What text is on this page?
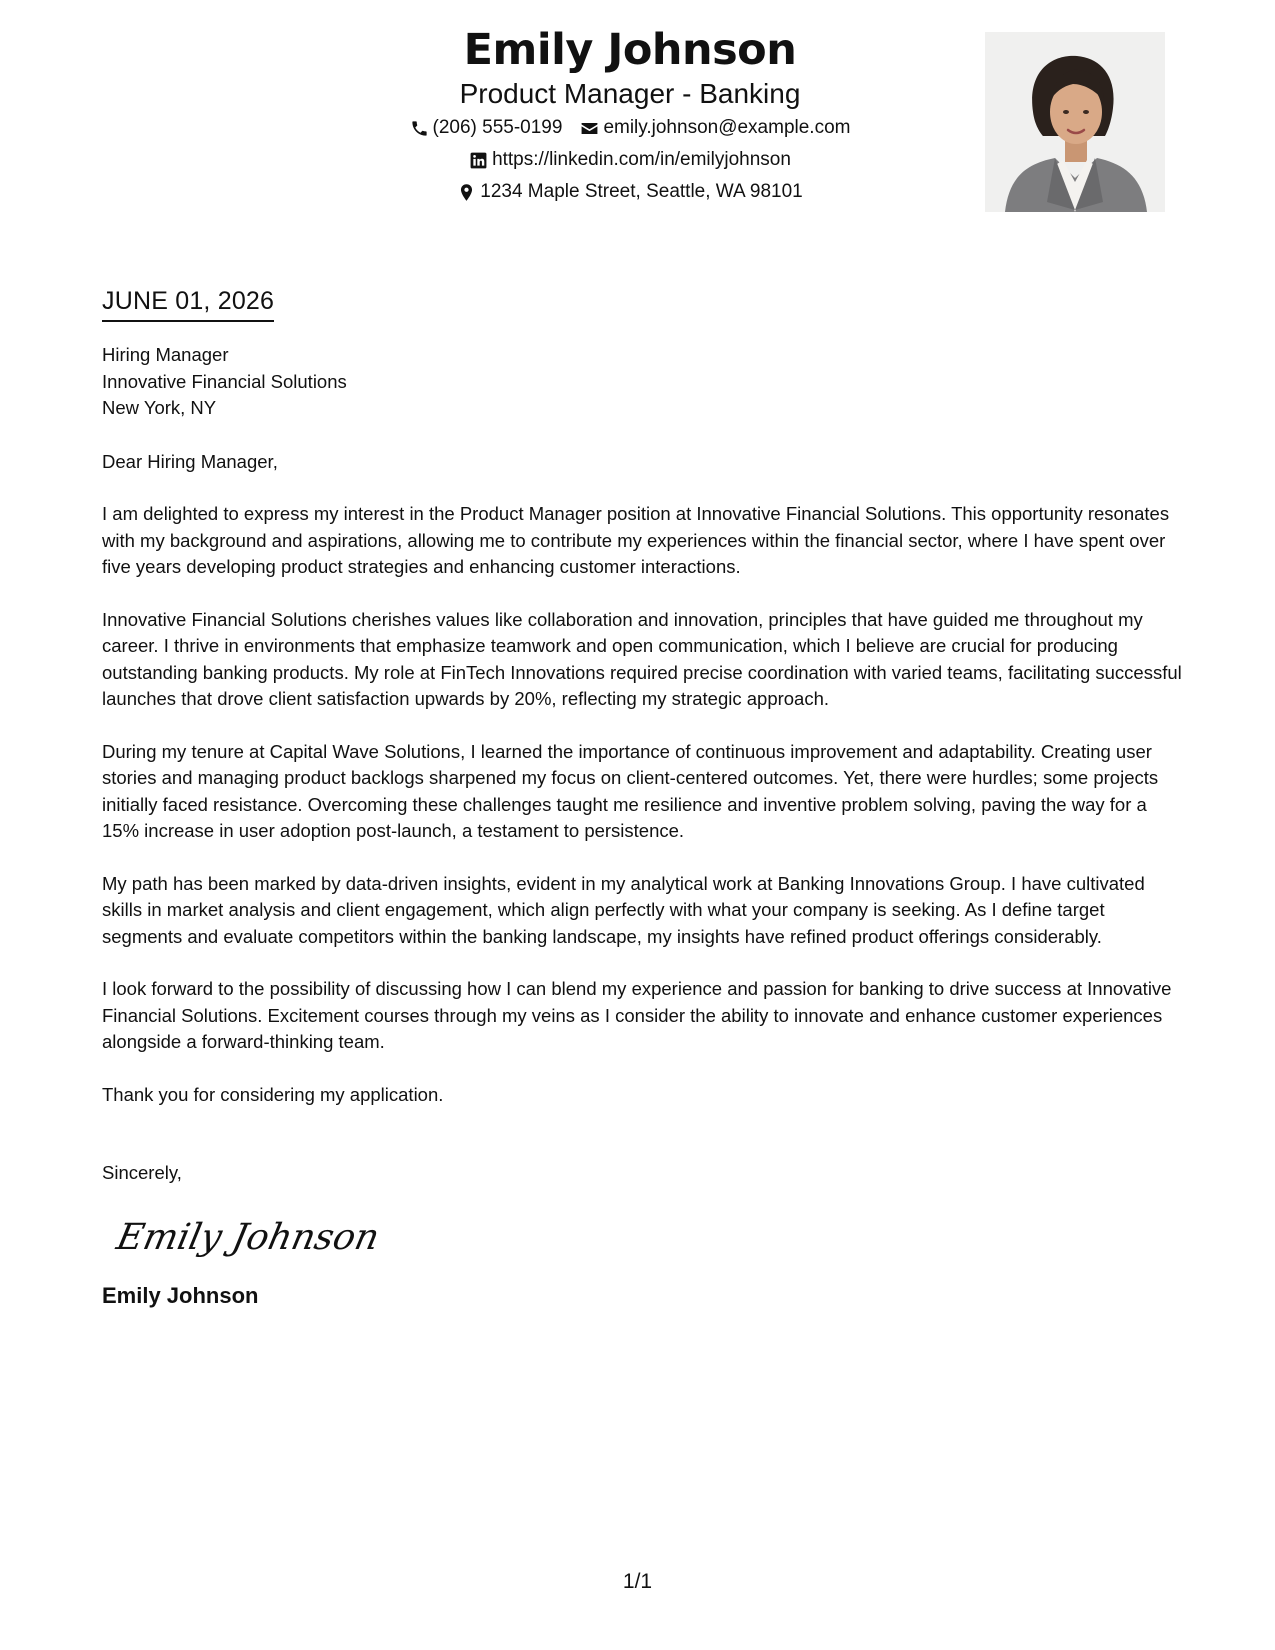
Emily Johnson
Product Manager - Banking
(206) 555-0199 emily.johnson@example.com
https://linkedin.com/in/emilyjohnson
1234 Maple Street, Seattle, WA 98101
JUNE 01, 2026
Hiring Manager
Innovative Financial Solutions
New York, NY
Dear Hiring Manager,
I am delighted to express my interest in the Product Manager position at Innovative Financial Solutions. This opportunity resonates with my background and aspirations, allowing me to contribute my experiences within the financial sector, where I have spent over five years developing product strategies and enhancing customer interactions.
Innovative Financial Solutions cherishes values like collaboration and innovation, principles that have guided me throughout my career. I thrive in environments that emphasize teamwork and open communication, which I believe are crucial for producing outstanding banking products. My role at FinTech Innovations required precise coordination with varied teams, facilitating successful launches that drove client satisfaction upwards by 20%, reflecting my strategic approach.
During my tenure at Capital Wave Solutions, I learned the importance of continuous improvement and adaptability. Creating user stories and managing product backlogs sharpened my focus on client-centered outcomes. Yet, there were hurdles; some projects initially faced resistance. Overcoming these challenges taught me resilience and inventive problem solving, paving the way for a 15% increase in user adoption post-launch, a testament to persistence.
My path has been marked by data-driven insights, evident in my analytical work at Banking Innovations Group. I have cultivated skills in market analysis and client engagement, which align perfectly with what your company is seeking. As I define target segments and evaluate competitors within the banking landscape, my insights have refined product offerings considerably.
I look forward to the possibility of discussing how I can blend my experience and passion for banking to drive success at Innovative Financial Solutions. Excitement courses through my veins as I consider the ability to innovate and enhance customer experiences alongside a forward-thinking team.
Thank you for considering my application.
Sincerely,
Emily Johnson
Emily Johnson
1/1
